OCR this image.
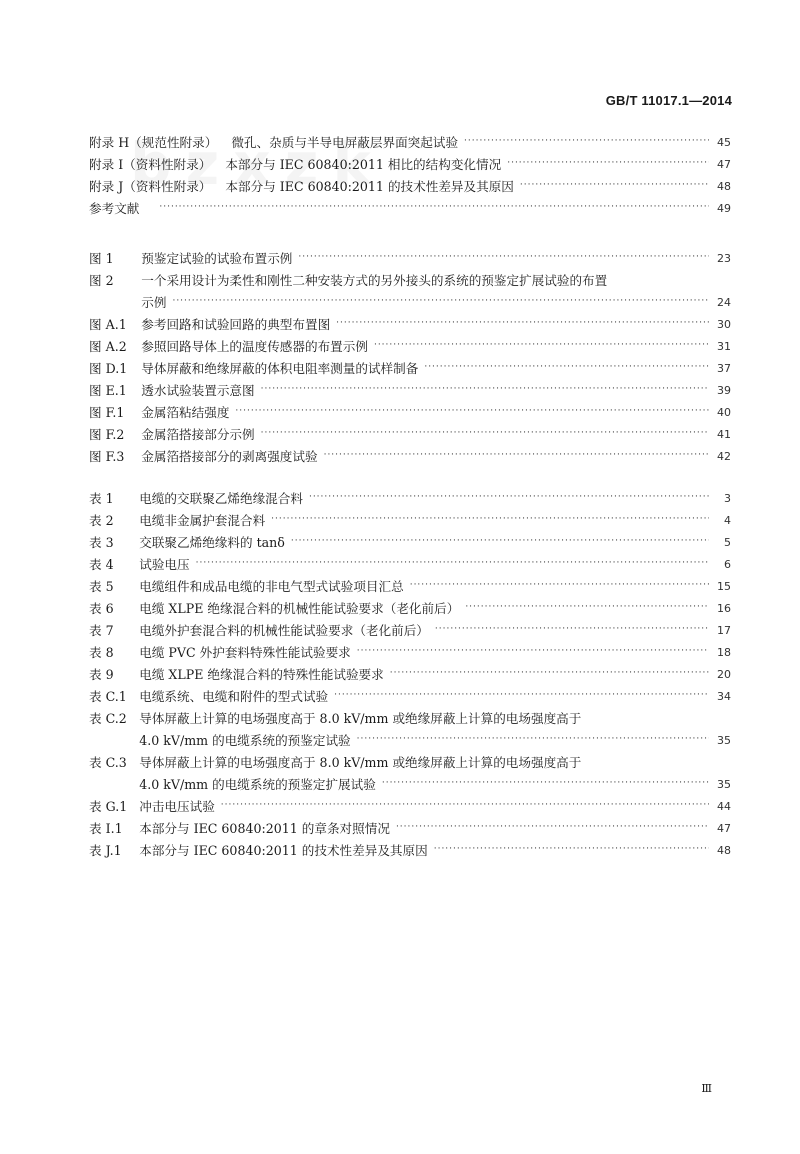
GB/T 11017.1—2014
附录 H（规范性附录） 微孔、杂质与半导电屏蔽层界面突起试验 ·····	45
附录 I（资料性附录） 本部分与 IEC 60840:2011 相比的结构变化情况 ·····	47
附录 J（资料性附录） 本部分与 IEC 60840:2011 的技术性差异及其原因 ·····	48
参考文献 ·····	49
图 1	预鉴定试验的试验布置示例 ·····	23
图 2	一个采用设计为柔性和刚性二种安装方式的另外接头的系统的预鉴定扩展试验的布置
示例 ·····	24
图 A.1 参考回路和试验回路的典型布置图 ·····	30
图 A.2 参照回路导体上的温度传感器的布置示例 ·····	31
图 D.1 导体屏蔽和绝缘屏蔽的体积电阻率测量的试样制备 ·····	37
图 E.1 透水试验装置示意图 ·····	39
图 F.1 金属箔粘结强度 ·····	40
图 F.2 金属箔搭接部分示例 ·····	41
图 F.3 金属箔搭接部分的剥离强度试验 ·····	42
表 1	电缆的交联聚乙烯绝缘混合料 ·····	3
表 2	电缆非金属护套混合料 ·····	4
表 3	交联聚乙烯绝缘料的 tanδ ·····	5
表 4	试验电压 ·····	6
表 5	电缆组件和成品电缆的非电气型式试验项目汇总 ·····	15
表 6	电缆 XLPE 绝缘混合料的机械性能试验要求（老化前后） ·····	16
表 7	电缆外护套混合料的机械性能试验要求（老化前后） ·····	17
表 8	电缆 PVC 外护套料特殊性能试验要求 ·····	18
表 9	电缆 XLPE 绝缘混合料的特殊性能试验要求 ·····	20
表 C.1 电缆系统、电缆和附件的型式试验 ·····	34
表 C.2 导体屏蔽上计算的电场强度高于 8.0 kV/mm 或绝缘屏蔽上计算的电场强度高于
4.0 kV/mm 的电缆系统的预鉴定试验 ·····	35
表 C.3 导体屏蔽上计算的电场强度高于 8.0 kV/mm 或绝缘屏蔽上计算的电场强度高于
4.0 kV/mm 的电缆系统的预鉴定扩展试验 ·····	35
表 G.1 冲击电压试验 ·····	44
表 I.1	本部分与 IEC 60840:2011 的章条对照情况 ·····	47
表 J.1	本部分与 IEC 60840:2011 的技术性差异及其原因 ·····	48
Ⅲ
